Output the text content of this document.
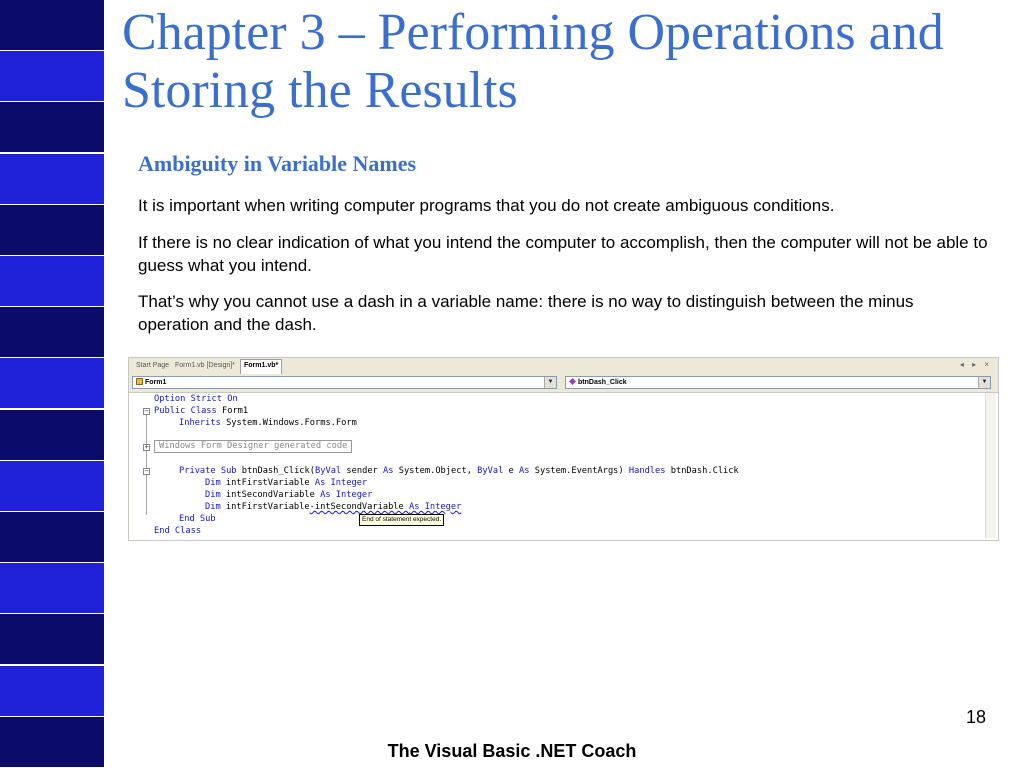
Chapter 3 – Performing Operations and Storing the Results
Ambiguity in Variable Names

It is important when writing computer programs that you do not create ambiguous conditions.

If there is no clear indication of what you intend the computer to accomplish, then the computer will not be able to guess what you intend.

That’s why you cannot use a dash in a variable name: there is no way to distinguish between the minus operation and the dash.

Start Page Form1.vb [Design]*	Form1.vb*	◂ ▸ ×
Form1	▼	btnDash_Click	▼
−
+
−
Option Strict On
Public Class Form1
Inherits System.Windows.Forms.Form
Windows Form Designer generated code
Private Sub btnDash_Click(ByVal sender As System.Object, ByVal e As System.EventArgs) Handles btnDash.Click
Dim intFirstVariable As Integer
Dim intSecondVariable As Integer
Dim intFirstVariable-intSecondVariable As Integer
End Sub
End Class
End of statement expected.

18

The Visual Basic .NET Coach
